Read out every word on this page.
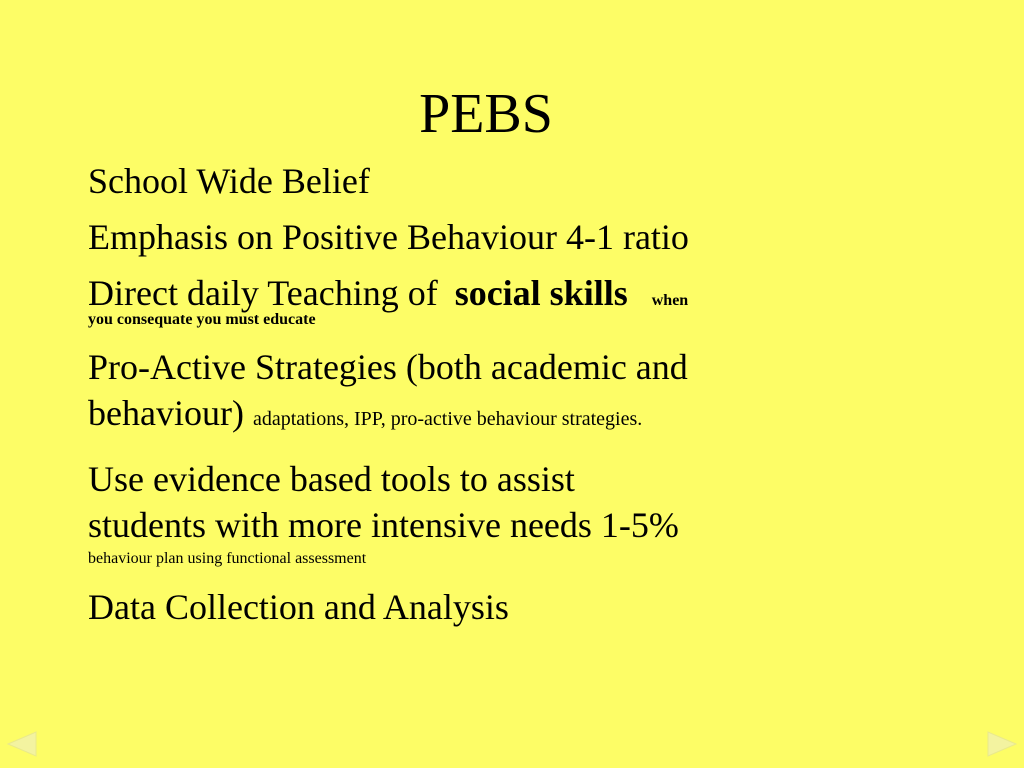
PEBS
School Wide Belief
Emphasis on Positive Behaviour 4-1 ratio
Direct daily Teaching of social skills when
you consequate you must educate
Pro-Active Strategies (both academic and
behaviour) adaptations, IPP, pro-active behaviour strategies.
Use evidence based tools to assist
students with more intensive needs 1-5%
behaviour plan using functional assessment
Data Collection and Analysis
